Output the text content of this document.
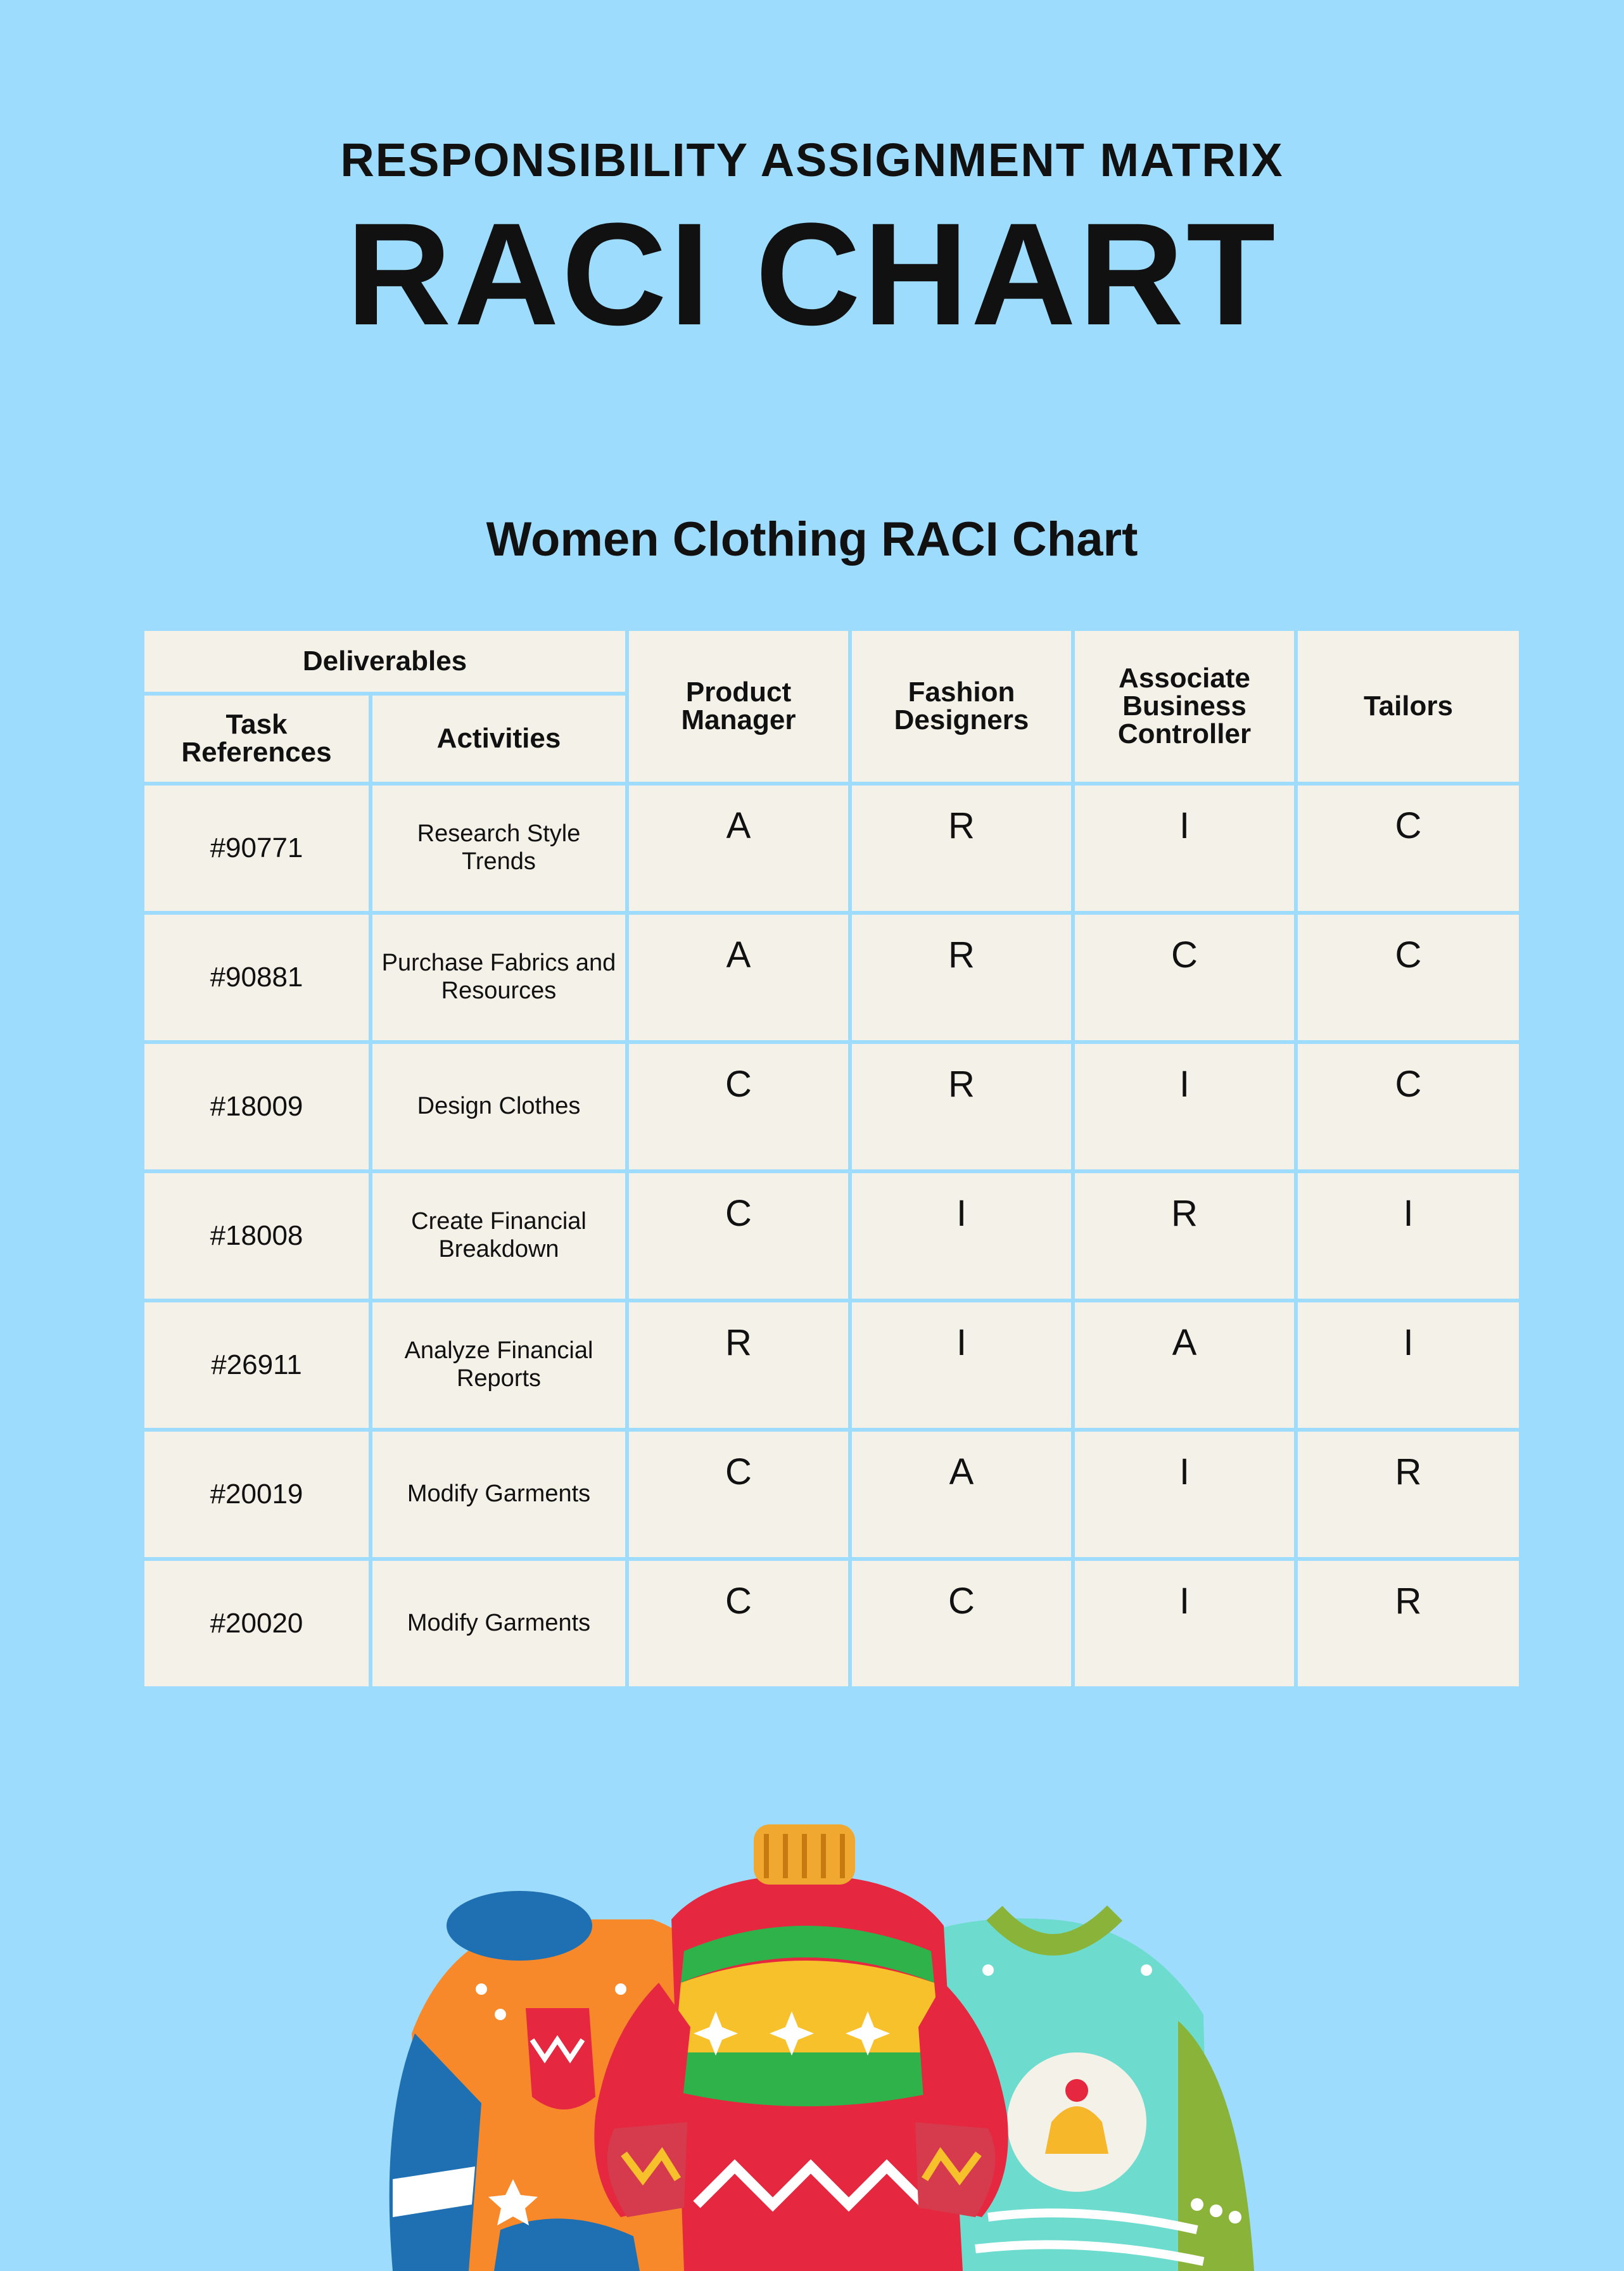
RESPONSIBILITY ASSIGNMENT MATRIX
RACI CHART
Women Clothing RACI Chart
Deliverables		Product Manager	Fashion Designers	Associate Business Controller	Tailors
Task References	Activities				
#90771	Research Style Trends	A	R	I	C
#90881	Purchase Fabrics and Resources	A	R	C	C
#18009	Design Clothes	C	R	I	C
#18008	Create Financial Breakdown	C	I	R	I
#26911	Analyze Financial Reports	R	I	A	I
#20019	Modify Garments	C	A	I	R
#20020	Modify Garments	C	C	I	R
